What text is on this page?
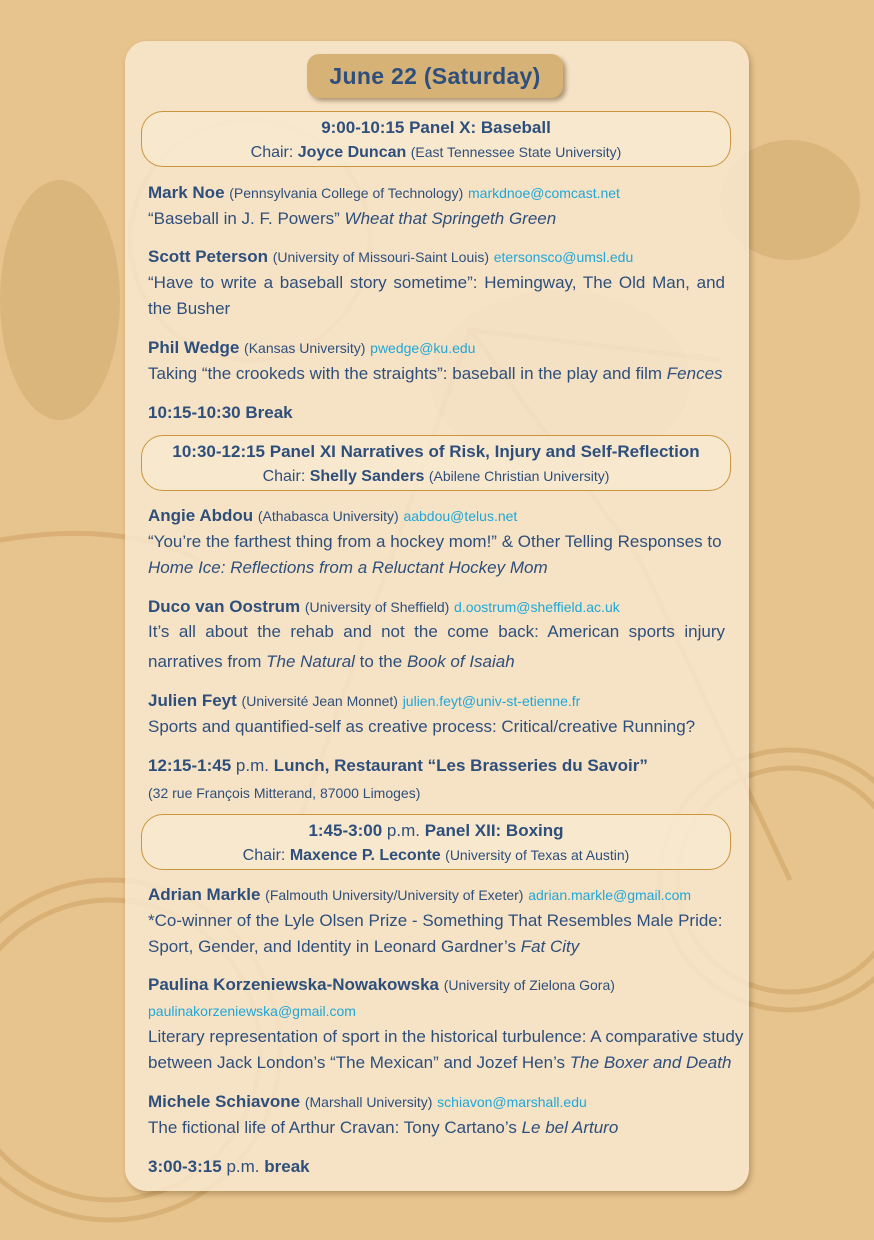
June 22 (Saturday)
9:00-10:15 Panel X: Baseball
Chair: Joyce Duncan (East Tennessee State University)
Mark Noe (Pennsylvania College of Technology) markdnoe@comcast.net
“Baseball in J. F. Powers” Wheat that Springeth Green
Scott Peterson (University of Missouri-Saint Louis) etersonsco@umsl.edu
“Have to write a baseball story sometime”: Hemingway, The Old Man, and
the Busher
Phil Wedge (Kansas University) pwedge@ku.edu
Taking “the crookeds with the straights”: baseball in the play and film Fences
10:15-10:30 Break
10:30-12:15 Panel XI Narratives of Risk, Injury and Self-Reflection
Chair: Shelly Sanders (Abilene Christian University)
Angie Abdou (Athabasca University) aabdou@telus.net
“You’re the farthest thing from a hockey mom!” & Other Telling Responses to
Home Ice: Reflections from a Reluctant Hockey Mom
Duco van Oostrum (University of Sheffield) d.oostrum@sheffield.ac.uk
It’s all about the rehab and not the come back: American sports injury
narratives from The Natural to the Book of Isaiah
Julien Feyt (Université Jean Monnet) julien.feyt@univ-st-etienne.fr
Sports and quantified-self as creative process: Critical/creative Running?
12:15-1:45 p.m. Lunch, Restaurant “Les Brasseries du Savoir”
(32 rue François Mitterand, 87000 Limoges)
1:45-3:00 p.m. Panel XII: Boxing
Chair: Maxence P. Leconte (University of Texas at Austin)
Adrian Markle (Falmouth University/University of Exeter) adrian.markle@gmail.com
*Co-winner of the Lyle Olsen Prize - Something That Resembles Male Pride:
Sport, Gender, and Identity in Leonard Gardner’s Fat City
Paulina Korzeniewska-Nowakowska (University of Zielona Gora)
paulinakorzeniewska@gmail.com
Literary representation of sport in the historical turbulence: A comparative study
between Jack London’s “The Mexican” and Jozef Hen’s The Boxer and Death
Michele Schiavone (Marshall University) schiavon@marshall.edu
The fictional life of Arthur Cravan: Tony Cartano’s Le bel Arturo
3:00-3:15 p.m. break
